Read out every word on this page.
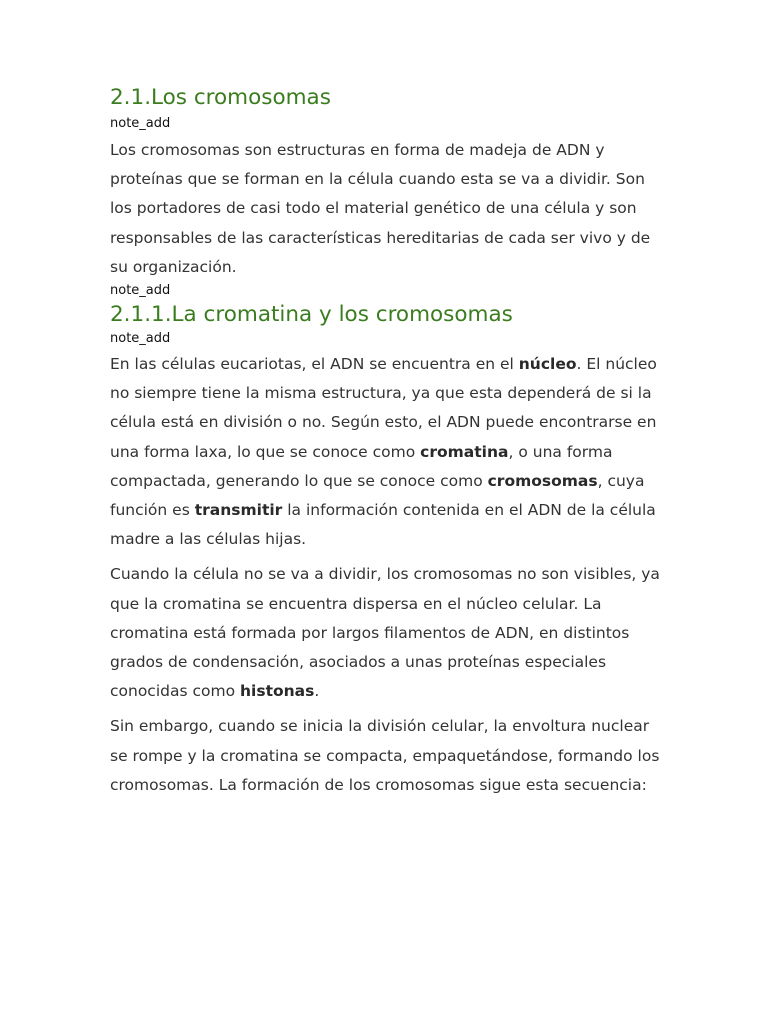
2.1.Los cromosomas
note_add

Los cromosomas son estructuras en forma de madeja de ADN y proteínas que se forman en la célula cuando esta se va a dividir. Son los portadores de casi todo el material genético de una célula y son responsables de las características hereditarias de cada ser vivo y de su organización.

note_add
2.1.1.La cromatina y los cromosomas
note_add

En las células eucariotas, el ADN se encuentra en el núcleo. El núcleo no siempre tiene la misma estructura, ya que esta dependerá de si la célula está en división o no. Según esto, el ADN puede encontrarse en una forma laxa, lo que se conoce como cromatina, o una forma compactada, generando lo que se conoce como cromosomas, cuya función es transmitir la información contenida en el ADN de la célula madre a las células hijas.

Cuando la célula no se va a dividir, los cromosomas no son visibles, ya que la cromatina se encuentra dispersa en el núcleo celular. La cromatina está formada por largos filamentos de ADN, en distintos grados de condensación, asociados a unas proteínas especiales conocidas como histonas.

Sin embargo, cuando se inicia la división celular, la envoltura nuclear se rompe y la cromatina se compacta, empaquetándose, formando los cromosomas. La formación de los cromosomas sigue esta secuencia:
